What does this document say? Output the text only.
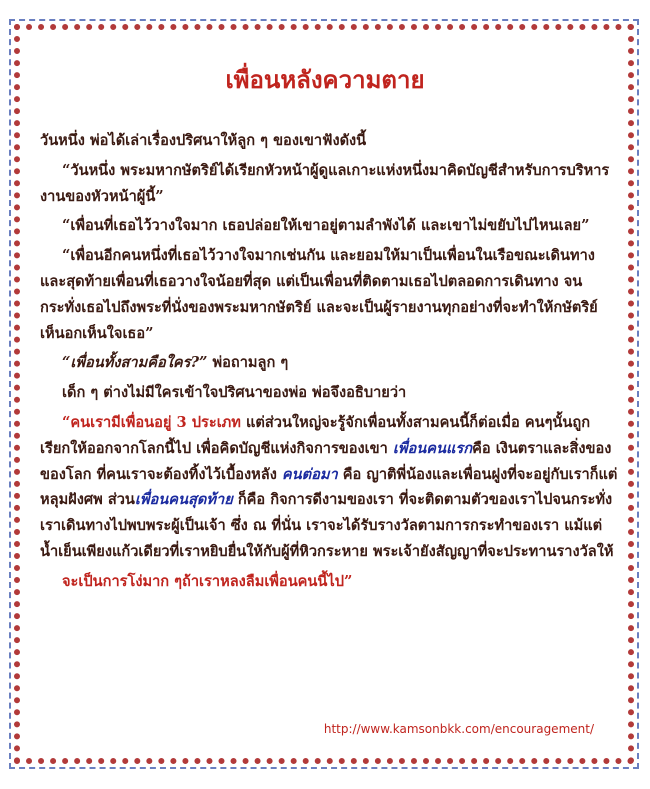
เพื่อนหลังความตาย

วันหนึ่ง พ่อได้เล่าเรื่องปริศนาให้ลูก ๆ ของเขาฟังดังนี้

“วันหนึ่ง พระมหากษัตริย์ได้เรียกหัวหน้าผู้ดูแลเกาะแห่งหนึ่งมาคิดบัญชีสำหรับการบริหารงานของหัวหน้าผู้นี้”

“เพื่อนที่เธอไว้วางใจมาก เธอปล่อยให้เขาอยู่ตามลำพังได้ และเขาไม่ขยับไปไหนเลย”

“เพื่อนอีกคนหนึ่งที่เธอไว้วางใจมากเช่นกัน และยอมให้มาเป็นเพื่อนในเรือขณะเดินทาง และสุดท้ายเพื่อนที่เธอวางใจน้อยที่สุด แต่เป็นเพื่อนที่ติดตามเธอไปตลอดการเดินทาง จนกระทั่งเธอไปถึงพระที่นั่งของพระมหากษัตริย์ และจะเป็นผู้รายงานทุกอย่างที่จะทำให้กษัตริย์เห็นอกเห็นใจเธอ”

“เพื่อนทั้งสามคือใคร?” พ่อถามลูก ๆ

เด็ก ๆ ต่างไม่มีใครเข้าใจปริศนาของพ่อ พ่อจึงอธิบายว่า

“คนเรามีเพื่อนอยู่ 3 ประเภท แต่ส่วนใหญ่จะรู้จักเพื่อนทั้งสามคนนี้ก็ต่อเมื่อ คนๆนั้นถูกเรียกให้ออกจากโลกนี้ไป เพื่อคิดบัญชีแห่งกิจการของเขา เพื่อนคนแรกคือ เงินตราและสิ่งของของโลก ที่คนเราจะต้องทิ้งไว้เบื้องหลัง คนต่อมา คือ ญาติพี่น้องและเพื่อนฝูงที่จะอยู่กับเราก็แต่หลุมฝังศพ ส่วนเพื่อนคนสุดท้าย ก็คือ กิจการดีงามของเรา ที่จะติดตามตัวของเราไปจนกระทั่ง เราเดินทางไปพบพระผู้เป็นเจ้า ซึ่ง ณ ที่นั่น เราจะได้รับรางวัลตามการกระทำของเรา แม้แต่น้ำเย็นเพียงแก้วเดียวที่เราหยิบยื่นให้กับผู้ที่หิวกระหาย พระเจ้ายังสัญญาที่จะประทานรางวัลให้

จะเป็นการโง่มาก ๆถ้าเราหลงลืมเพื่อนคนนี้ไป”

http://www.kamsonbkk.com/encouragement/
